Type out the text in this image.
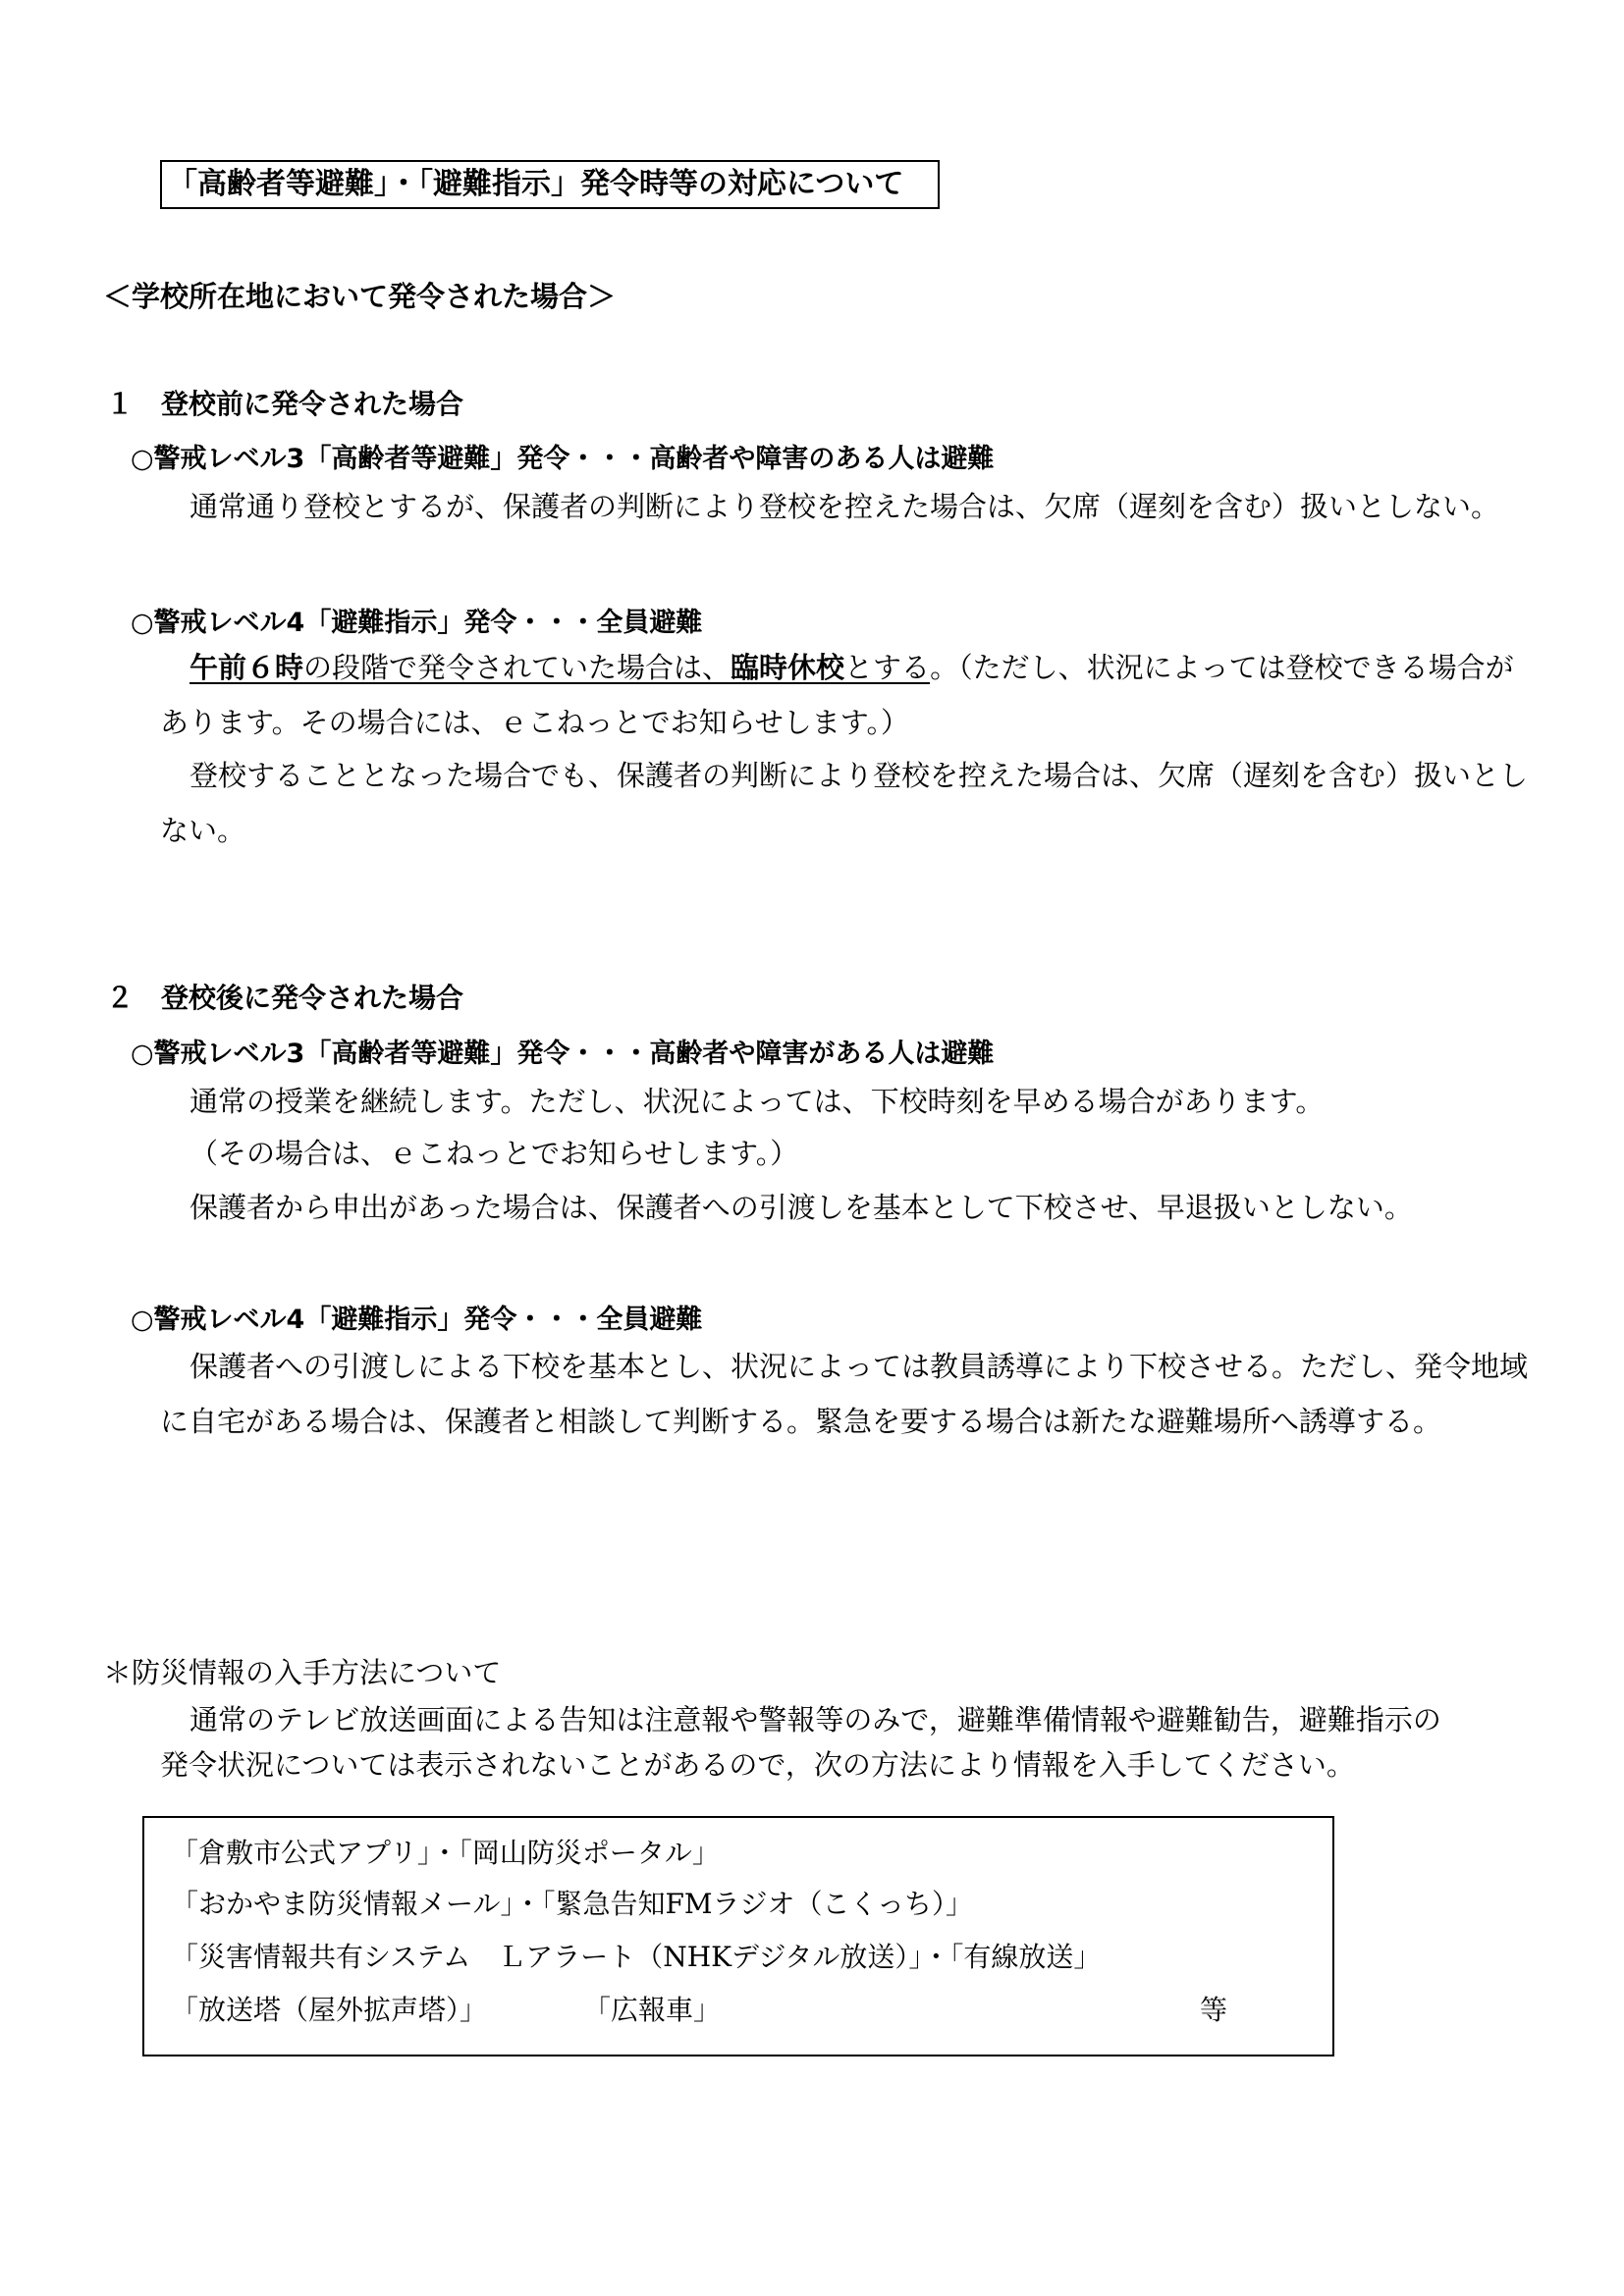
「高齢者等避難」・「避難指示」発令時等の対応について
＜学校所在地において発令された場合＞
１　登校前に発令された場合
○警戒レベル3「高齢者等避難」発令・・・高齢者や障害のある人は避難
通常通り登校とするが、保護者の判断により登校を控えた場合は、欠席（遅刻を含む）扱いとしない。
○警戒レベル4「避難指示」発令・・・全員避難
午前６時の段階で発令されていた場合は、臨時休校とする。（ただし、状況によっては登校できる場合が
あります。その場合には、ｅこねっとでお知らせします。）
登校することとなった場合でも、保護者の判断により登校を控えた場合は、欠席（遅刻を含む）扱いとし
ない。
２　登校後に発令された場合
○警戒レベル3「高齢者等避難」発令・・・高齢者や障害がある人は避難
通常の授業を継続します。ただし、状況によっては、下校時刻を早める場合があります。
（その場合は、ｅこねっとでお知らせします。）
保護者から申出があった場合は、保護者への引渡しを基本として下校させ、早退扱いとしない。
○警戒レベル4「避難指示」発令・・・全員避難
保護者への引渡しによる下校を基本とし、状況によっては教員誘導により下校させる。ただし、発令地域
に自宅がある場合は、保護者と相談して判断する。緊急を要する場合は新たな避難場所へ誘導する。
＊防災情報の入手方法について
通常のテレビ放送画面による告知は注意報や警報等のみで，避難準備情報や避難勧告，避難指示の
発令状況については表示されないことがあるので，次の方法により情報を入手してください。
「倉敷市公式アプリ」・「岡山防災ポータル」
「おかやま防災情報メール」・「緊急告知FMラジオ（こくっち）」
「災害情報共有システム　Ｌアラート（NHKデジタル放送）」・「有線放送」
「放送塔（屋外拡声塔）」	「広報車」	等
